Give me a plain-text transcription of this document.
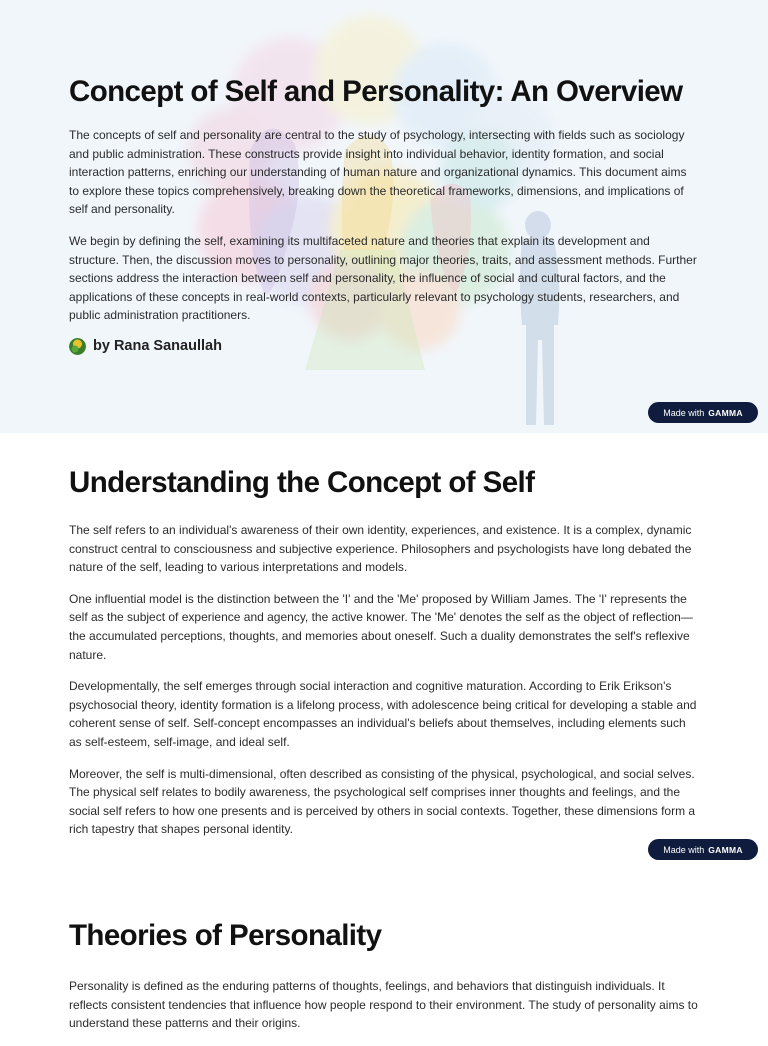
Concept of Self and Personality: An Overview

The concepts of self and personality are central to the study of psychology, intersecting with fields such as sociology and public administration. These constructs provide insight into individual behavior, identity formation, and social interaction patterns, enriching our understanding of human nature and organizational dynamics. This document aims to explore these topics comprehensively, breaking down the theoretical frameworks, dimensions, and implications of self and personality.

We begin by defining the self, examining its multifaceted nature and theories that explain its development and structure. Then, the discussion moves to personality, outlining major theories, traits, and assessment methods. Further sections address the interaction between self and personality, the influence of social and cultural factors, and the applications of these concepts in real-world contexts, particularly relevant to psychology students, researchers, and public administration practitioners.

by Rana Sanaullah
Made with GAMMA
Made with GAMMA
Understanding the Concept of Self

The self refers to an individual's awareness of their own identity, experiences, and existence. It is a complex, dynamic construct central to consciousness and subjective experience. Philosophers and psychologists have long debated the nature of the self, leading to various interpretations and models.

One influential model is the distinction between the 'I' and the 'Me' proposed by William James. The 'I' represents the self as the subject of experience and agency, the active knower. The 'Me' denotes the self as the object of reflection—the accumulated perceptions, thoughts, and memories about oneself. Such a duality demonstrates the self's reflexive nature.

Developmentally, the self emerges through social interaction and cognitive maturation. According to Erik Erikson's psychosocial theory, identity formation is a lifelong process, with adolescence being critical for developing a stable and coherent sense of self. Self-concept encompasses an individual's beliefs about themselves, including elements such as self-esteem, self-image, and ideal self.

Moreover, the self is multi-dimensional, often described as consisting of the physical, psychological, and social selves. The physical self relates to bodily awareness, the psychological self comprises inner thoughts and feelings, and the social self refers to how one presents and is perceived by others in social contexts. Together, these dimensions form a rich tapestry that shapes personal identity.

Theories of Personality

Personality is defined as the enduring patterns of thoughts, feelings, and behaviors that distinguish individuals. It reflects consistent tendencies that influence how people respond to their environment. The study of personality aims to understand these patterns and their origins.
